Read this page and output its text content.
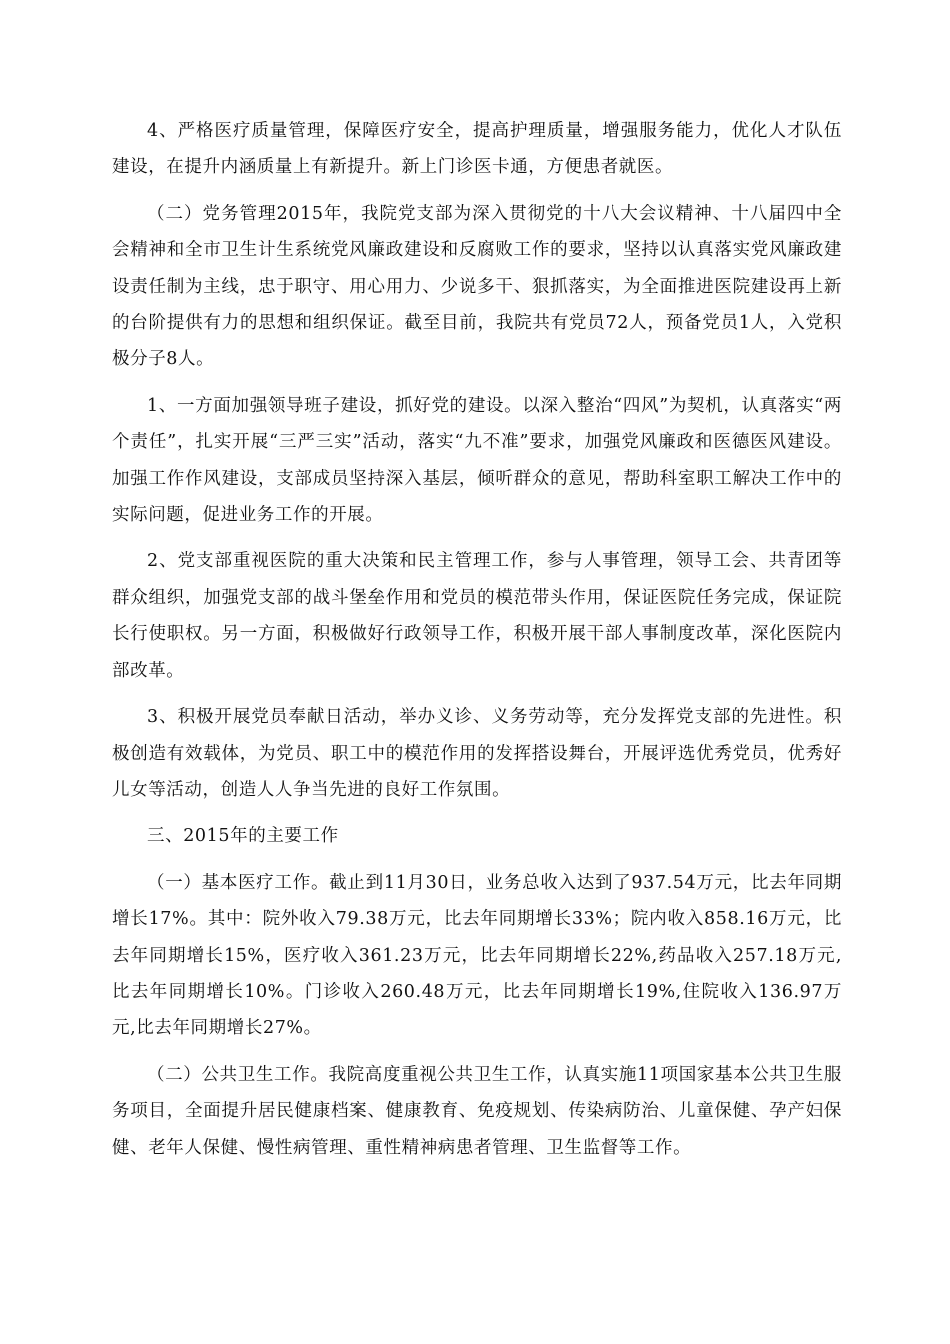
4、严格医疗质量管理，保障医疗安全，提高护理质量，增强服务能力，优化人才队伍建设，在提升内涵质量上有新提升。新上门诊医卡通，方便患者就医。

（二）党务管理2015年，我院党支部为深入贯彻党的十八大会议精神、十八届四中全会精神和全市卫生计生系统党风廉政建设和反腐败工作的要求，坚持以认真落实党风廉政建设责任制为主线，忠于职守、用心用力、少说多干、狠抓落实，为全面推进医院建设再上新的台阶提供有力的思想和组织保证。截至目前，我院共有党员72人，预备党员1人，入党积极分子8人。

1、一方面加强领导班子建设，抓好党的建设。以深入整治“四风”为契机，认真落实“两个责任”，扎实开展“三严三实”活动，落实“九不准”要求，加强党风廉政和医德医风建设。加强工作作风建设，支部成员坚持深入基层，倾听群众的意见，帮助科室职工解决工作中的实际问题，促进业务工作的开展。

2、党支部重视医院的重大决策和民主管理工作，参与人事管理，领导工会、共青团等群众组织，加强党支部的战斗堡垒作用和党员的模范带头作用，保证医院任务完成，保证院长行使职权。另一方面，积极做好行政领导工作，积极开展干部人事制度改革，深化医院内部改革。

3、积极开展党员奉献日活动，举办义诊、义务劳动等，充分发挥党支部的先进性。积极创造有效载体，为党员、职工中的模范作用的发挥搭设舞台，开展评选优秀党员，优秀好儿女等活动，创造人人争当先进的良好工作氛围。

三、2015年的主要工作

（一）基本医疗工作。截止到11月30日，业务总收入达到了937.54万元，比去年同期增长17%。其中：院外收入79.38万元，比去年同期增长33%；院内收入858.16万元，比去年同期增长15%，医疗收入361.23万元，比去年同期增长22%,药品收入257.18万元,比去年同期增长10%。门诊收入260.48万元，比去年同期增长19%,住院收入136.97万元,比去年同期增长27%。

（二）公共卫生工作。我院高度重视公共卫生工作，认真实施11项国家基本公共卫生服务项目，全面提升居民健康档案、健康教育、免疫规划、传染病防治、儿童保健、孕产妇保健、老年人保健、慢性病管理、重性精神病患者管理、卫生监督等工作。
